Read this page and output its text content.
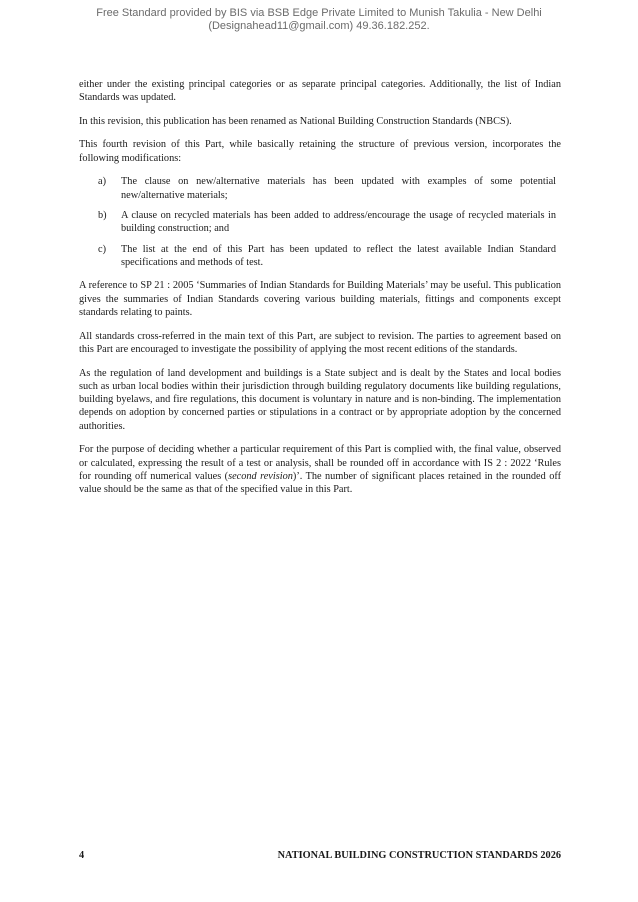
Free Standard provided by BIS via BSB Edge Private Limited to Munish Takulia - New Delhi
(Designahead11@gmail.com) 49.36.182.252.

either under the existing principal categories or as separate principal categories. Additionally, the list of Indian Standards was updated.

In this revision, this publication has been renamed as National Building Construction Standards (NBCS).

This fourth revision of this Part, while basically retaining the structure of previous version, incorporates the following modifications:

a)	The clause on new/alternative materials has been updated with examples of some potential new/alternative materials;
b)	A clause on recycled materials has been added to address/encourage the usage of recycled materials in building construction; and
c)	The list at the end of this Part has been updated to reflect the latest available Indian Standard specifications and methods of test.

A reference to SP 21 : 2005 ‘Summaries of Indian Standards for Building Materials’ may be useful. This publication gives the summaries of Indian Standards covering various building materials, fittings and components except standards relating to paints.

All standards cross-referred in the main text of this Part, are subject to revision. The parties to agreement based on this Part are encouraged to investigate the possibility of applying the most recent editions of the standards.

As the regulation of land development and buildings is a State subject and is dealt by the States and local bodies such as urban local bodies within their jurisdiction through building regulatory documents like building regulations, building byelaws, and fire regulations, this document is voluntary in nature and is non-binding. The implementation depends on adoption by concerned parties or stipulations in a contract or by appropriate adoption by the concerned authorities.

For the purpose of deciding whether a particular requirement of this Part is complied with, the final value, observed or calculated, expressing the result of a test or analysis, shall be rounded off in accordance with IS 2 : 2022 ‘Rules for rounding off numerical values (second revision)’. The number of significant places retained in the rounded off value should be the same as that of the specified value in this Part.

4	NATIONAL BUILDING CONSTRUCTION STANDARDS 2026
